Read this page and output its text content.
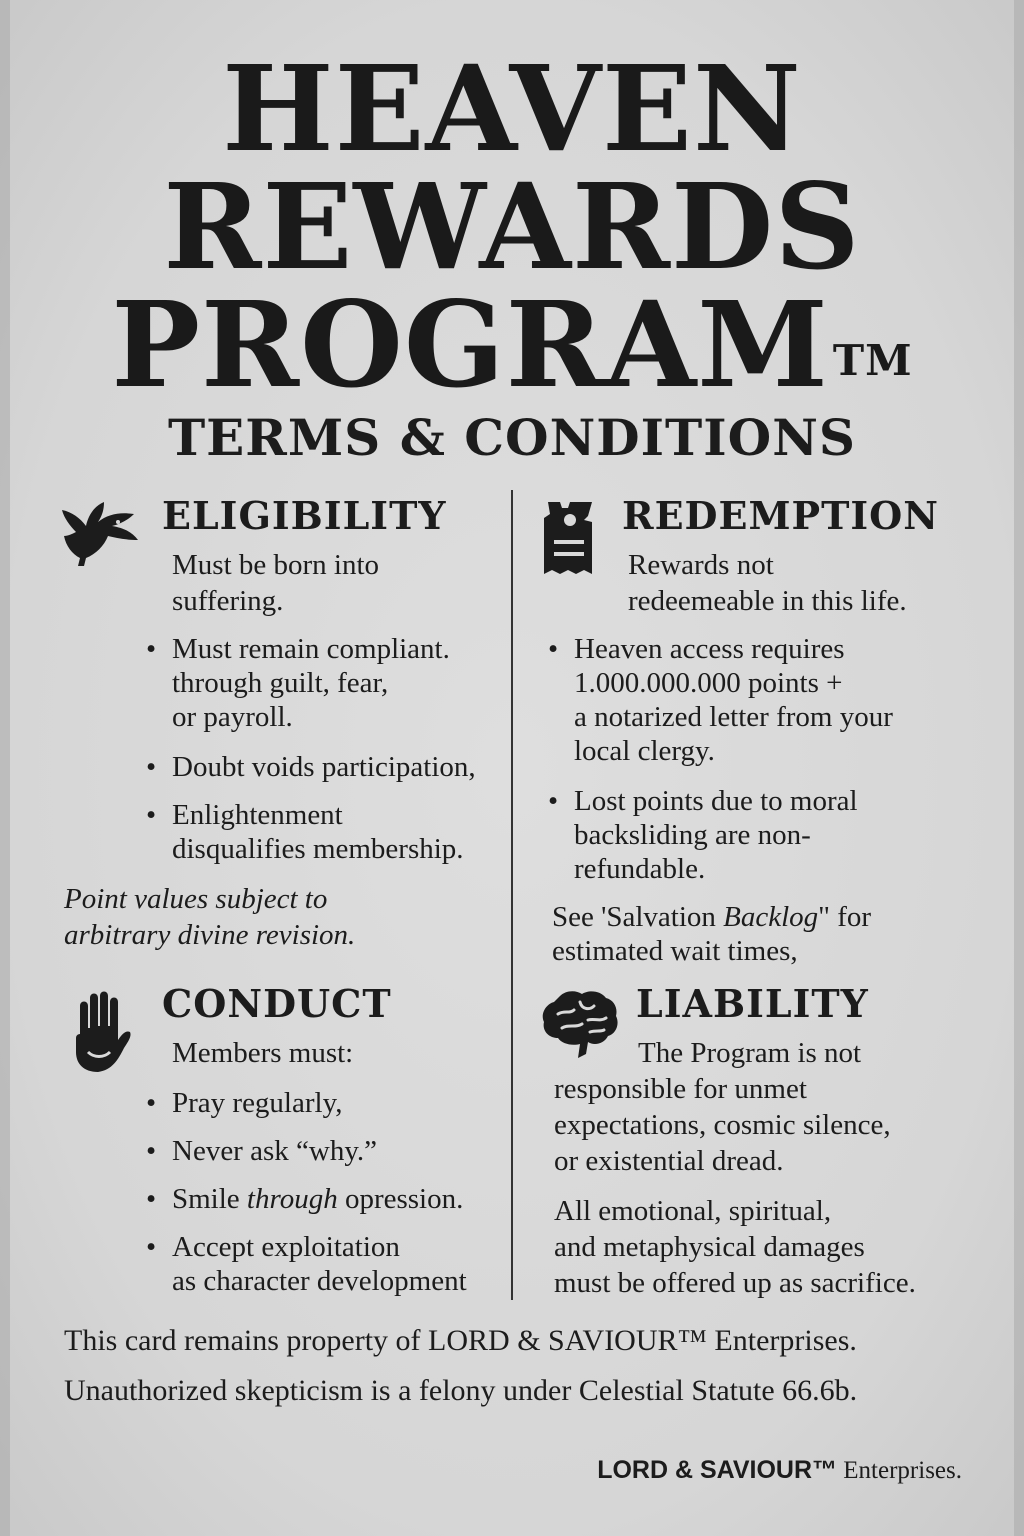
HEAVEN
REWARDS
PROGRAM™
TERMS & CONDITIONS
ELIGIBILITY
Must be born into
suffering.
• Must remain compliant.
through guilt, fear,
or payroll.
• Doubt voids participation,
• Enlightenment
disqualifies membership.
Point values subject to
arbitrary divine revision.
REDEMPTION
Rewards not
redeemeable in this life.
• Heaven access requires
1.000.000.000 points +
a notarized letter from your
local clergy.
• Lost points due to moral
backsliding are non-
refundable.
See 'Salvation Backlog" for
estimated wait times,
CONDUCT
Members must:
• Pray regularly,
• Never ask “why.”
• Smile through opression.
• Accept exploitation
as character development
LIABILITY
The Program is not
responsible for unmet
expectations, cosmic silence,
or existential dread.
All emotional, spiritual,
and metaphysical damages
must be offered up as sacrifice.
This card remains property of LORD & SAVIOUR™ Enterprises.
Unauthorized skepticism is a felony under Celestial Statute 66.6b.
LORD & SAVIOUR™ Enterprises.
